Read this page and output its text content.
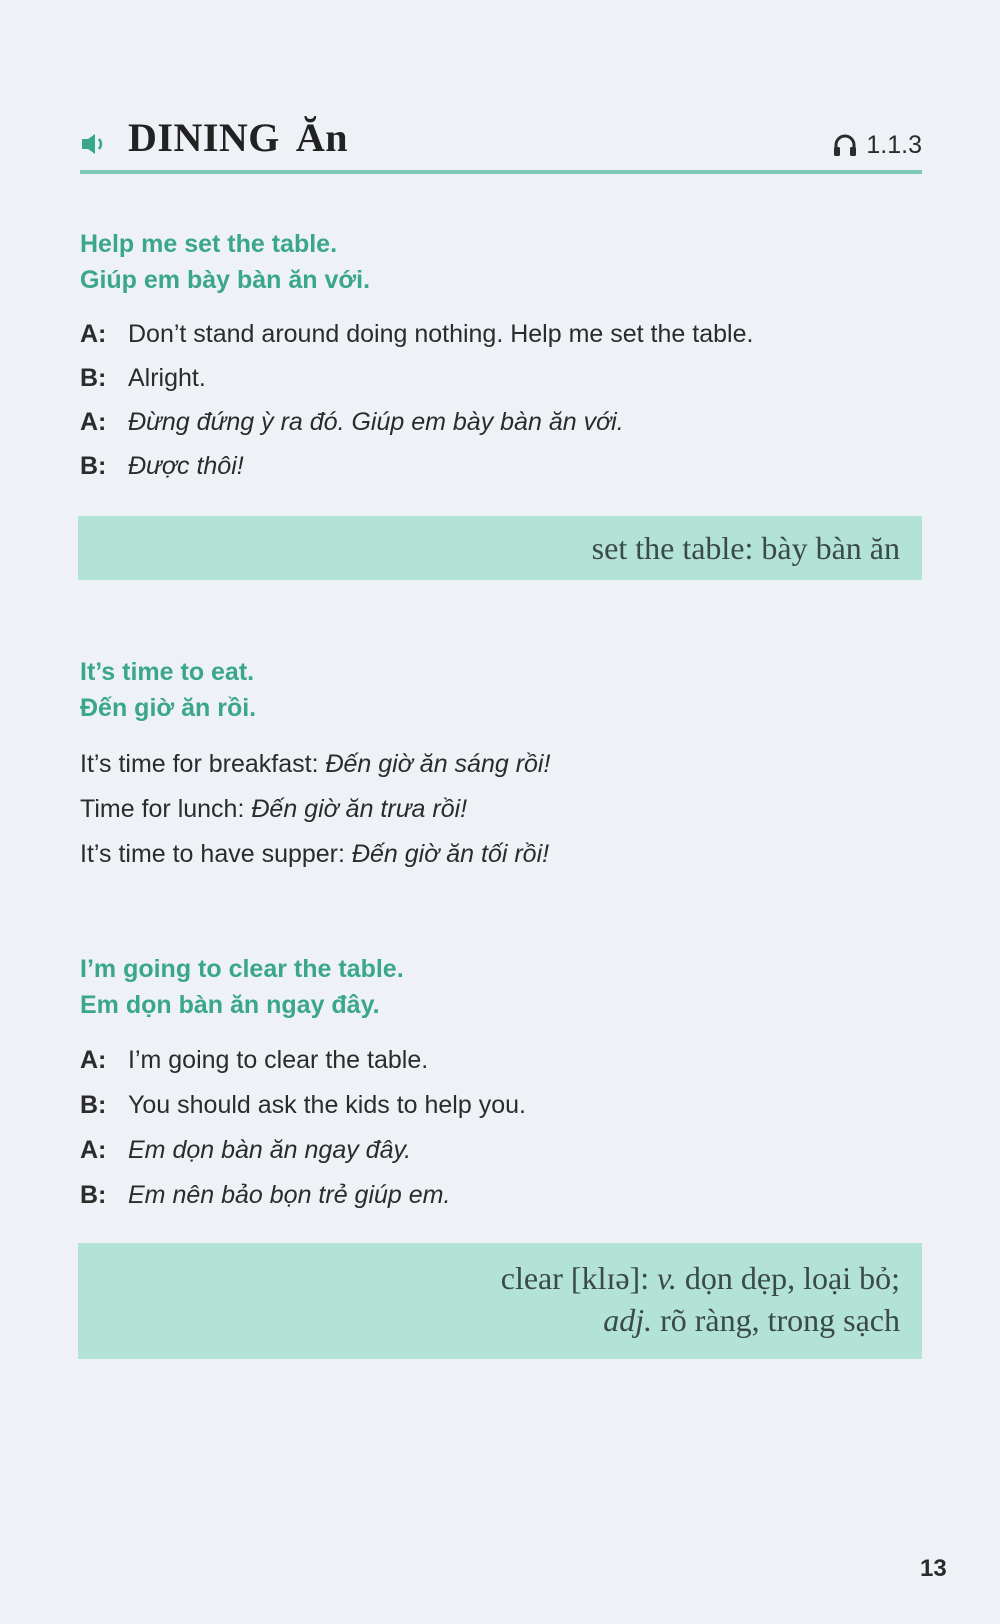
DINING Ăn	1.1.3
Help me set the table.
Giúp em bày bàn ăn với.
A: Don’t stand around doing nothing. Help me set the table.
B: Alright.
A: Đừng đứng ỳ ra đó. Giúp em bày bàn ăn với.
B: Được thôi!
set the table: bày bàn ăn
It’s time to eat.
Đến giờ ăn rồi.
It’s time for breakfast: Đến giờ ăn sáng rồi!
Time for lunch: Đến giờ ăn trưa rồi!
It’s time to have supper: Đến giờ ăn tối rồi!
I’m going to clear the table.
Em dọn bàn ăn ngay đây.
A: I’m going to clear the table.
B: You should ask the kids to help you.
A: Em dọn bàn ăn ngay đây.
B: Em nên bảo bọn trẻ giúp em.
clear [klɪə]: v. dọn dẹp, loại bỏ;
adj. rõ ràng, trong sạch
13
